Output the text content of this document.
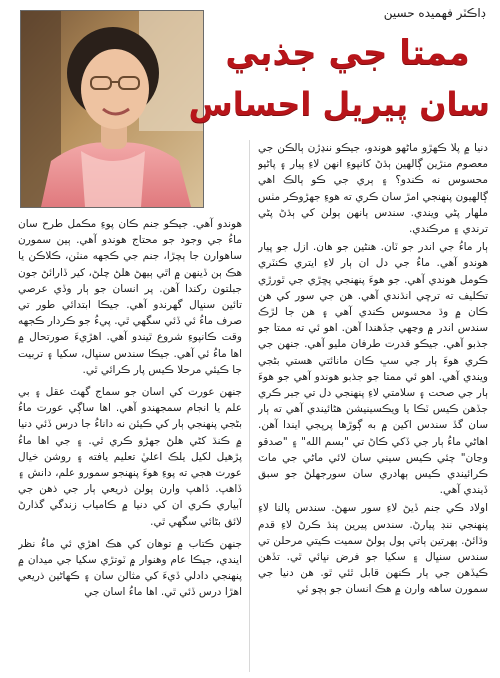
ڊاڪٽر فهميده حسين
ممتا جي جذبي
سان پيريل احساس

دنيا ۾ پلا ڪهڙو ماڻهو هوندو، جيڪو ننڍڙن ٻالڪن جي معصوم منڙين ڳالهين ٻڌڻ کانپوءِ انهن لاءِ پيار ۽ پاڻپو محسوس نه ڪندو؟ ۽ ٻري جي ڪو ٻالڪ اهي ڳالهيون پنهنجي امڙ سان ڪري ته هوءِ جهڙوڪر مٺس ملهار پڻي ويندي. سندس ٻانهن ٻولن کي ٻڌڻ پڻي ترندي ۽ مرڪندي.

ٻار ماءُ جي اندر جو ٽان. هنڻين جو هان. ازل جو پيار هوندو آهي. ماءُ جي دل ان ٻار لاءِ ايتري ڪنٽري ڪومل هوندي آهي. جو هوءَ پنهنجي پڇڙي جي ٿورڙي تڪليف ته ترڇي انڌندي آهي. هن جي سور کي هن ڪان ۾ وڌ محسوس ڪندي آهي ۽ هن جا لڙڪ سندس اندر ۾ وڃهي جڏهندا آهن. اهو ئي ته ممتا جو جذبو آهي. جيڪو قدرت طرفان مليو آهي. جنهن جي ڪري هوءَ ٻار جي سڀ ڪان مانائتي هستي بڻجي ويندي آهي. اهو ئي ممتا جو جذبو هوندو آهي جو هوءَ ٻار جي صحت ۽ سلامتي لاءِ پنهنجي دل تي جبر ڪري جڏهن ڪيس ٽڪا يا ويڪسينيشن هڻائيندي آهي ته ٻار سان گڏ سندس اکين ۾ به ڳوڙها پرپجي ايندا آهن. اهاڻي ماءُ ٻار جي ڏکي ڪاڻ تي "بسم الله" ۽ "صدقو وڃان" چئي ڪيس سيني سان لائي ماڻي جي ماٽ ڪرائيندي ڪيس ٻهادري سان سورجهلڻ جو سبق ڏيندي آهي.

اولاد ڪي جنم ڏيڻ لاءِ سور سهڻ. سندس پالنا لاءِ پنهنجي ننڊ پيارڻ. سندس پيرين پنڌ ڪرڻ لاءِ قدم وڌائڻ. ٻهرتين ٻاتي ٻول ٻولڻ سميت ڪيتي مرحلن تي سندس سنڀال ۽ سکيا جو فرض نڀائي ٿي. تڏهن ڪيڏهن جي ٻار ڪنهن قابل ٿئي ٿو. هن دنيا جي سمورن ساهه وارن ۾ هڪ انسان جو ٻچو ئي

هوندو آهي. جيڪو جنم ڪان پوءِ مڪمل طرح سان ماءُ جي وجود جو محتاج هوندو آهي. ٻين سمورن ساهوارن جا ٻچڙا، جنم جي ڪجهه منٽن، ڪلاڪن يا هڪ ٻن ڏينهن ۾ اٿي ٻيهڻ هلڻ چلڻ، کير ڏارائڻ جون جبلتون رکندا آهن. پر انسان جو ٻار وڏي عرصي تائين سنڀال گهرندو آهي. جيڪا ابتدائي طور تي صرف ماءُ ئي ڏئي سگهي ٿي. پيءُ جو ڪردار ڪجهه وقت ڪانپوءِ شروع ٿيندو آهي. اهڙيءَ صورتحال ۾ اها ماءُ ئي آهي. جيڪا سندس سنڀال، سکيا ۽ تربيت جا ڪيئي مرحلا ڪيس پار ڪرائي ٿي.

جنهن عورت کي اسان جو سماج گهٽ عقل ۽ بي علم يا انجام سمجهندو آهي. اها ساڳي عورت ماءُ بڻجي پنهنجي ٻار کي ڪيئن نه داناءُ جا درس ڏئي دنيا ۾ ڪنڌ کڻي هلڻ جهڙو ڪري ٿي. ۽ جي اها ماءُ پڙهيل لکيل يلڪ اعليٰ تعليم يافته ۽ روشن خيال عورت هجي ته پوءِ هوءَ پنهنجو سمورو علم، دانش ۽ ڏاهپ. ڏاهپ وارن ٻولن ذريعي ٻار جي ذهن جي آبياري ڪري ان کي دنيا ۾ ڪامياب زندگي گذارڻ لائق بڻائي سگهي ٿي.

جنهن ڪتاب ۾ توهان کي هڪ اهڙي ئي ماءُ نظر ايندي، جيڪا عام وهنوار ۾ ٽوتڙي سکيا جي ميدان ۾ پنهنجي دادلي ڏيءَ کي مثالن سان ۽ ڪهاڻين ذريعي اهڙا درس ڏئي ٿي. اها ماءُ اسان جي
